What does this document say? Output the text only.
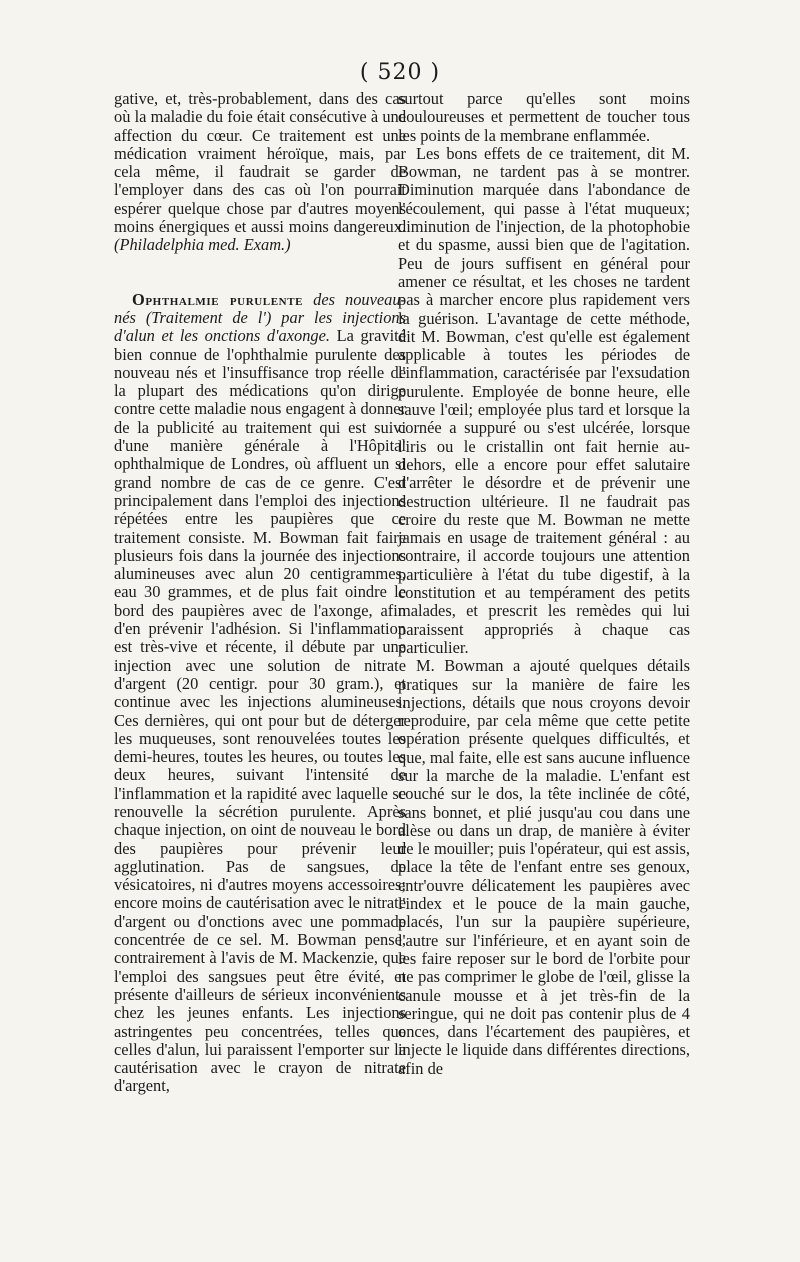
( 520 )

gative, et, très-probablement, dans des cas où la maladie du foie était consécutive à une affection du cœur. Ce traitement est une médication vraiment héroïque, mais, par cela même, il faudrait se garder de l'employer dans des cas où l'on pourrait espérer quelque chose par d'autres moyens moins énergiques et aussi moins dangereux. (Philadelphia med. Exam.)

Ophthalmie purulente des nouveau-nés (Traitement de l') par les injections d'alun et les onctions d'axonge. La gravité bien connue de l'ophthalmie purulente des nouveau nés et l'insuffisance trop réelle de la plupart des médications qu'on dirige contre cette maladie nous engagent à donner de la publicité au traitement qui est suivi d'une manière générale à l'Hôpital ophthalmique de Londres, où affluent un si grand nombre de cas de ce genre. C'est principalement dans l'emploi des injections répétées entre les paupières que ce traitement consiste. M. Bowman fait faire plusieurs fois dans la journée des injections alumineuses avec alun 20 centigrammes, eau 30 grammes, et de plus fait oindre le bord des paupières avec de l'axonge, afin d'en prévenir l'adhésion. Si l'inflammation est très-vive et récente, il débute par une injection avec une solution de nitrate d'argent (20 centigr. pour 30 gram.), et continue avec les injections alumineuses. Ces dernières, qui ont pour but de déterger les muqueuses, sont renouvelées toutes les demi-heures, toutes les heures, ou toutes les deux heures, suivant l'intensité de l'inflammation et la rapidité avec laquelle se renouvelle la sécrétion purulente. Après chaque injection, on oint de nouveau le bord des paupières pour prévenir leur agglutination. Pas de sangsues, de vésicatoires, ni d'autres moyens accessoires; encore moins de cautérisation avec le nitrate d'argent ou d'onctions avec une pommade concentrée de ce sel. M. Bowman pense, contrairement à l'avis de M. Mackenzie, que l'emploi des sangsues peut être évité, et présente d'ailleurs de sérieux inconvénients chez les jeunes enfants. Les injections astringentes peu concentrées, telles que celles d'alun, lui paraissent l'emporter sur la cautérisation avec le crayon de nitrate d'argent,

surtout parce qu'elles sont moins douloureuses et permettent de toucher tous les points de la membrane enflammée.

Les bons effets de ce traitement, dit M. Bowman, ne tardent pas à se montrer. Diminution marquée dans l'abondance de l'écoulement, qui passe à l'état muqueux; diminution de l'injection, de la photophobie et du spasme, aussi bien que de l'agitation. Peu de jours suffisent en général pour amener ce résultat, et les choses ne tardent pas à marcher encore plus rapidement vers la guérison. L'avantage de cette méthode, dit M. Bowman, c'est qu'elle est également applicable à toutes les périodes de l'inflammation, caractérisée par l'exsudation purulente. Employée de bonne heure, elle sauve l'œil; employée plus tard et lorsque la cornée a suppuré ou s'est ulcérée, lorsque l'iris ou le cristallin ont fait hernie au-dehors, elle a encore pour effet salutaire d'arrêter le désordre et de prévenir une destruction ultérieure. Il ne faudrait pas croire du reste que M. Bowman ne mette jamais en usage de traitement général : au contraire, il accorde toujours une attention particulière à l'état du tube digestif, à la constitution et au tempérament des petits malades, et prescrit les remèdes qui lui paraissent appropriés à chaque cas particulier.

M. Bowman a ajouté quelques détails pratiques sur la manière de faire les injections, détails que nous croyons devoir reproduire, par cela même que cette petite opération présente quelques difficultés, et que, mal faite, elle est sans aucune influence sur la marche de la maladie. L'enfant est couché sur le dos, la tête inclinée de côté, sans bonnet, et plié jusqu'au cou dans une alèse ou dans un drap, de manière à éviter de le mouiller; puis l'opérateur, qui est assis, place la tête de l'enfant entre ses genoux, entr'ouvre délicatement les paupières avec l'index et le pouce de la main gauche, placés, l'un sur la paupière supérieure, l'autre sur l'inférieure, et en ayant soin de les faire reposer sur le bord de l'orbite pour ne pas comprimer le globe de l'œil, glisse la canule mousse et à jet très-fin de la seringue, qui ne doit pas contenir plus de 4 onces, dans l'écartement des paupières, et injecte le liquide dans différentes directions, afin de
